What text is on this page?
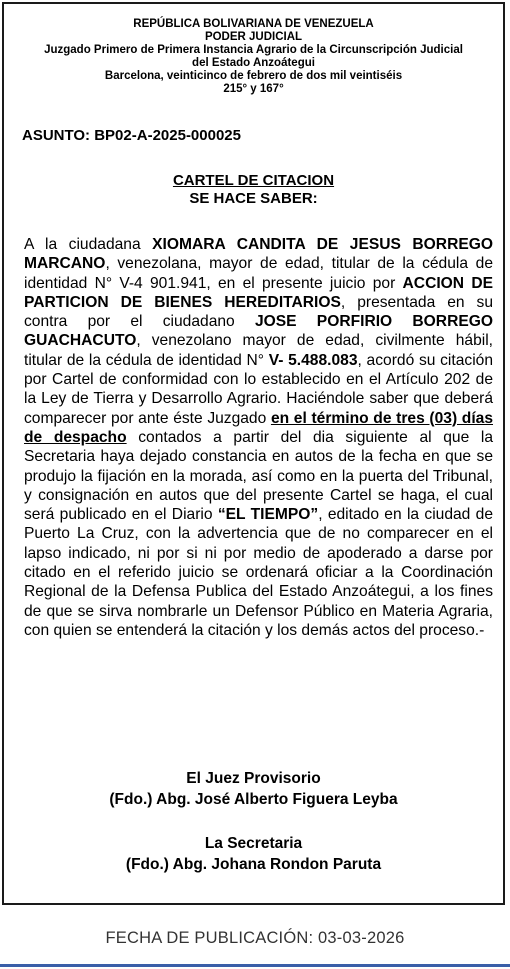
REPÚBLICA BOLIVARIANA DE VENEZUELA
PODER JUDICIAL
Juzgado Primero de Primera Instancia Agrario de la Circunscripción Judicial
del Estado Anzoátegui
Barcelona, veinticinco de febrero de dos mil veintiséis
215° y 167°
ASUNTO: BP02-A-2025-000025
CARTEL DE CITACION
SE HACE SABER:
A la ciudadana XIOMARA CANDITA DE JESUS BORREGO MARCANO, venezolana, mayor de edad, titular de la cédula de identidad N° V-4 901.941, en el presente juicio por ACCION DE PARTICION DE BIENES HEREDITARIOS, presentada en su contra por el ciudadano JOSE PORFIRIO BORREGO GUACHACUTO, venezolano mayor de edad, civilmente hábil, titular de la cédula de identidad N° V- 5.488.083, acordó su citación por Cartel de conformidad con lo establecido en el Artículo 202 de la Ley de Tierra y Desarrollo Agrario. Haciéndole saber que deberá comparecer por ante éste Juzgado en el término de tres (03) días de despacho contados a partir del dia siguiente al que la Secretaria haya dejado constancia en autos de la fecha en que se produjo la fijación en la morada, así como en la puerta del Tribunal, y consignación en autos que del presente Cartel se haga, el cual será publicado en el Diario “EL TIEMPO”, editado en la ciudad de Puerto La Cruz, con la advertencia que de no comparecer en el lapso indicado, ni por si ni por medio de apoderado a darse por citado en el referido juicio se ordenará oficiar a la Coordinación Regional de la Defensa Publica del Estado Anzoátegui, a los fines de que se sirva nombrarle un Defensor Público en Materia Agraria, con quien se entenderá la citación y los demás actos del proceso.-
El Juez Provisorio
(Fdo.) Abg. José Alberto Figuera Leyba
La Secretaria
(Fdo.) Abg. Johana Rondon Paruta
FECHA DE PUBLICACIÓN: 03-03-2026
